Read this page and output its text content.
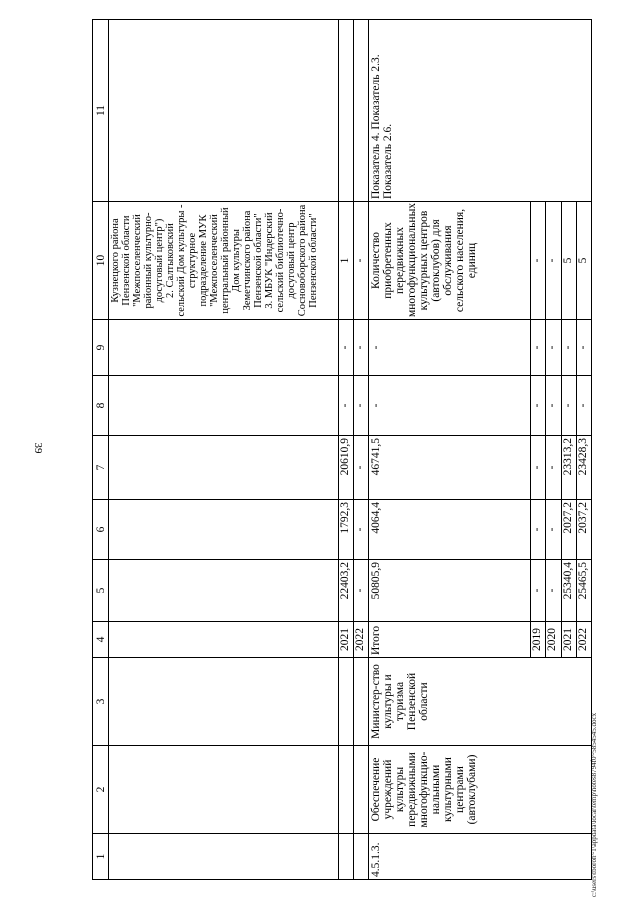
39
c:\users\tboroh~1\appdata\local\temp\notes8794f0~5854545.docx
1	2	3	4	5	6	7	8	9	10	11
									Кузнецкого района Пензенской области "Межпоселенческий районный культурно-досуговый центр")
2. Салтыковский сельский Дом культуры - структурное подразделение МУК "Межпоселенческий центральный районный Дом культуры Земетчинского района Пензенской области"
3. МБУК "Индерский сельский библиотечно-досуговый центр Сосновоборского района Пензенской области"	
			2021	22403,2	1792,3	20610,9	-	-	1	
			2022	-	-	-	-	-	-	
4.5.1.3.	Обеспечение учреждений культуры передвижными многофункцио-нальными культурными центрами (автоклубами)	Министер-ство культуры и туризма Пензенской области	Итого	50805,9	4064,4	46741,5	-	-	Количество приобретенных передвижных многофункциональных культурных центров (автоклубов) для обслуживания сельского населения, единиц	Показатель 4. Показатель 2.3. Показатель 2.6.
			2019	-	-	-	-	-	-	
			2020	-	-	-	-	-	-	
			2021	25340,4	2027,2	23313,2	-	-	5	
			2022	25465,5	2037,2	23428,3	-	-	5	
